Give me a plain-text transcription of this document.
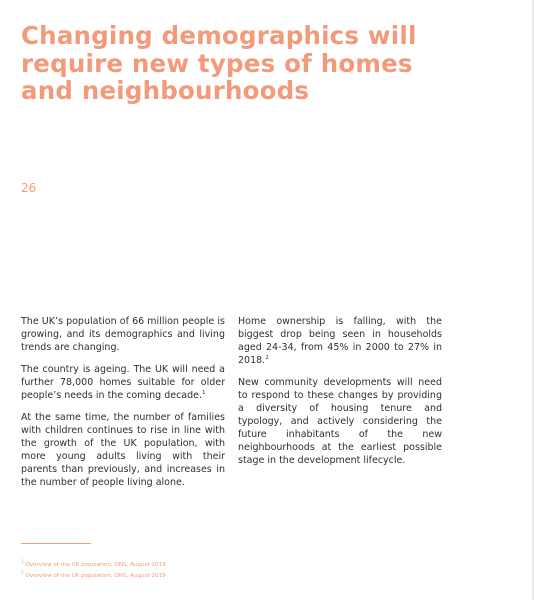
Changing demographics will
require new types of homes
and neighbourhoods
26

The UK’s population of 66 million people is growing, and its demographics and living trends are changing.

The country is ageing. The UK will need a further 78,000 homes suitable for older people’s needs in the coming decade.$^1$

At the same time, the number of families with children continues to rise in line with the growth of the UK population, with more young adults living with their parents than previously, and increases in the number of people living alone.

Home ownership is falling, with the biggest drop being seen in households aged 24-34, from 45% in 2000 to 27% in 2018.$^2$

New community developments will need to respond to these changes by providing a diversity of housing tenure and typology, and actively considering the future inhabitants of the new neighbourhoods at the earliest possible stage in the development lifecycle.

$^1$ Overview of the UK population, ONS, August 2019

$^2$ Overview of the UK population, ONS, August 2019
